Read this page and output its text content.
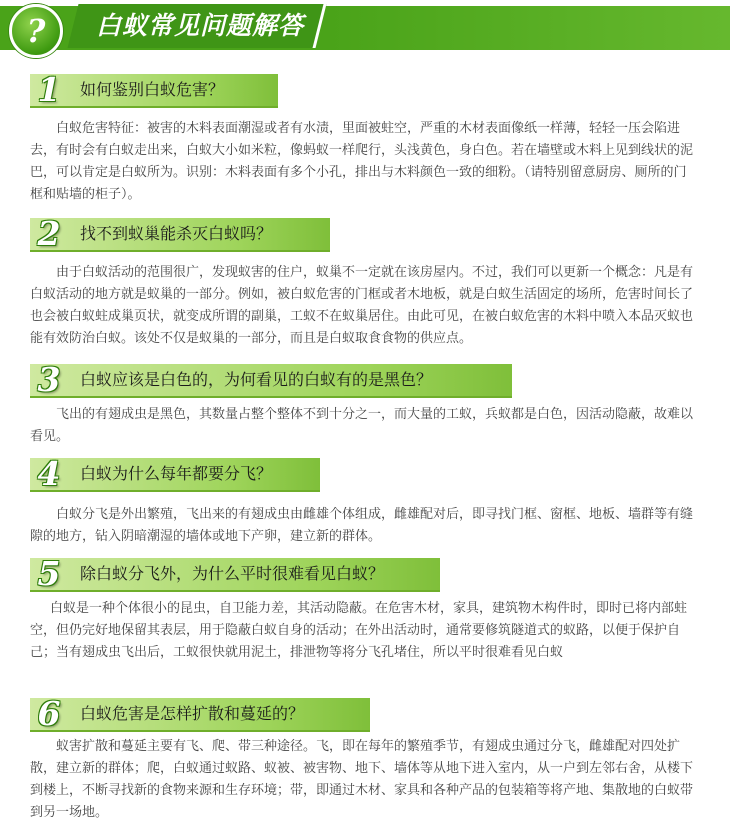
?	白蚁常见问题解答
1	如何鉴别白蚁危害？
白蚁危害特征：被害的木料表面潮湿或者有水渍，里面被蛀空，严重的木材表面像纸一样薄，轻轻一压会陷进去，有时会有白蚁走出来，白蚁大小如米粒，像蚂蚁一样爬行，头浅黄色，身白色。若在墙壁或木料上见到线状的泥巴，可以肯定是白蚁所为。识别：木料表面有多个小孔，排出与木料颜色一致的细粉。（请特别留意厨房、厕所的门框和贴墙的柜子）。
2	找不到蚁巢能杀灭白蚁吗？
由于白蚁活动的范围很广，发现蚁害的住户，蚁巢不一定就在该房屋内。不过，我们可以更新一个概念：凡是有白蚁活动的地方就是蚁巢的一部分。例如，被白蚁危害的门框或者木地板，就是白蚁生活固定的场所，危害时间长了也会被白蚁蛀成巢页状，就变成所谓的副巢，工蚁不在蚁巢居住。由此可见，在被白蚁危害的木料中喷入本品灭蚁也能有效防治白蚁。该处不仅是蚁巢的一部分，而且是白蚁取食食物的供应点。
3	白蚁应该是白色的，为何看见的白蚁有的是黑色？
飞出的有翅成虫是黑色，其数量占整个整体不到十分之一，而大量的工蚁，兵蚁都是白色，因活动隐蔽，故难以看见。
4	白蚁为什么每年都要分飞？
白蚁分飞是外出繁殖，飞出来的有翅成虫由雌雄个体组成，雌雄配对后，即寻找门框、窗框、地板、墙群等有缝隙的地方，钻入阴暗潮湿的墙体或地下产卵，建立新的群体。
5	除白蚁分飞外，为什么平时很难看见白蚁？
白蚁是一种个体很小的昆虫，自卫能力差，其活动隐蔽。在危害木材，家具，建筑物木构件时，即时已将内部蛀空，但仍完好地保留其表层，用于隐蔽白蚁自身的活动；在外出活动时，通常要修筑隧道式的蚁路，以便于保护自己；当有翅成虫飞出后，工蚁很快就用泥土，排泄物等将分飞孔堵住，所以平时很难看见白蚁
6	白蚁危害是怎样扩散和蔓延的？
蚁害扩散和蔓延主要有飞、爬、带三种途径。飞，即在每年的繁殖季节，有翅成虫通过分飞，雌雄配对四处扩散，建立新的群体；爬，白蚁通过蚁路、蚁被、被害物、地下、墙体等从地下进入室内，从一户到左邻右舍，从楼下到楼上，不断寻找新的食物来源和生存环境；带，即通过木材、家具和各种产品的包装箱等将产地、集散地的白蚁带到另一场地。
